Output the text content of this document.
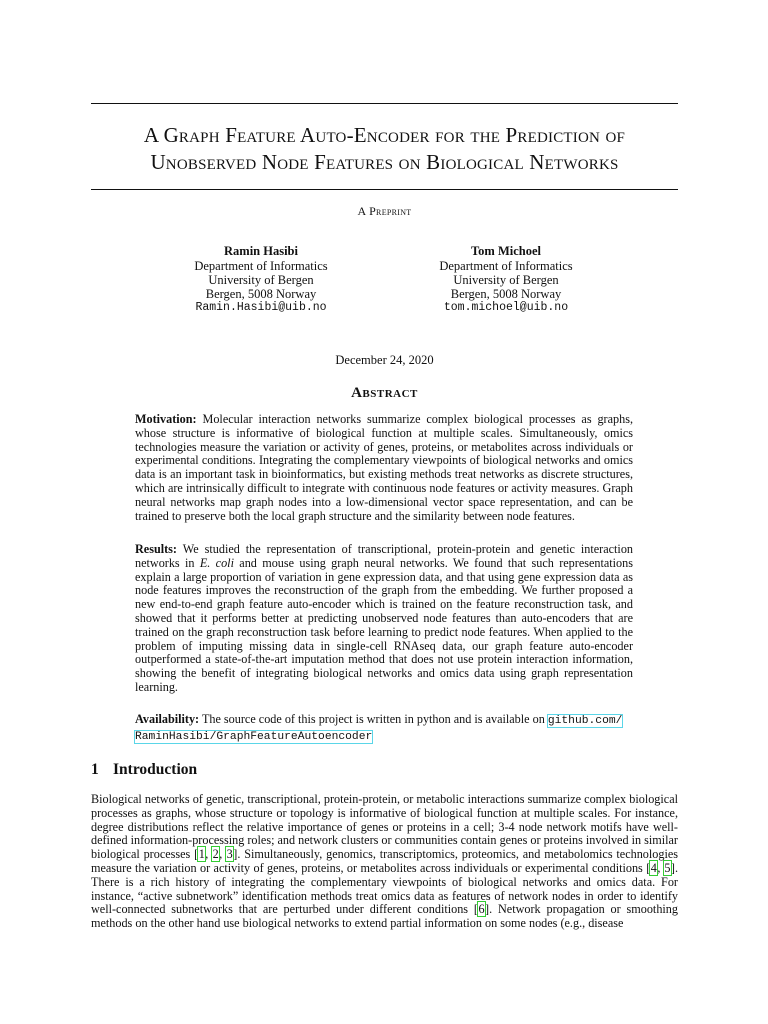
A Graph Feature Auto-Encoder for the Prediction of
Unobserved Node Features on Biological Networks
A Preprint
Ramin Hasibi
Department of Informatics
University of Bergen
Bergen, 5008 Norway
Ramin.Hasibi@uib.no
Tom Michoel
Department of Informatics
University of Bergen
Bergen, 5008 Norway
tom.michoel@uib.no
December 24, 2020
Abstract
Motivation: Molecular interaction networks summarize complex biological processes as graphs, whose structure is informative of biological function at multiple scales. Simultaneously, omics technologies measure the variation or activity of genes, proteins, or metabolites across individuals or experimental conditions. Integrating the complementary viewpoints of biological networks and omics data is an important task in bioinformatics, but existing methods treat networks as discrete structures, which are intrinsically difficult to integrate with continuous node features or activity measures. Graph neural networks map graph nodes into a low-dimensional vector space representation, and can be trained to preserve both the local graph structure and the similarity between node features.
Results: We studied the representation of transcriptional, protein-protein and genetic interaction networks in E. coli and mouse using graph neural networks. We found that such representations explain a large proportion of variation in gene expression data, and that using gene expression data as node features improves the reconstruction of the graph from the embedding. We further proposed a new end-to-end graph feature auto-encoder which is trained on the feature reconstruction task, and showed that it performs better at predicting unobserved node features than auto-encoders that are trained on the graph reconstruction task before learning to predict node features. When applied to the problem of imputing missing data in single-cell RNAseq data, our graph feature auto-encoder outperformed a state-of-the-art imputation method that does not use protein interaction information, showing the benefit of integrating biological networks and omics data using graph representation learning.
Availability: The source code of this project is written in python and is available on github.com/
RaminHasibi/GraphFeatureAutoencoder
1 Introduction
Biological networks of genetic, transcriptional, protein-protein, or metabolic interactions summarize complex biological processes as graphs, whose structure or topology is informative of biological function at multiple scales. For instance, degree distributions reflect the relative importance of genes or proteins in a cell; 3-4 node network motifs have well-defined information-processing roles; and network clusters or communities contain genes or proteins involved in similar biological processes [1, 2, 3]. Simultaneously, genomics, transcriptomics, proteomics, and metabolomics technologies measure the variation or activity of genes, proteins, or metabolites across individuals or experimental conditions [4, 5]. There is a rich history of integrating the complementary viewpoints of biological networks and omics data. For instance, “active subnetwork” identification methods treat omics data as features of network nodes in order to identify well-connected subnetworks that are perturbed under different conditions [6]. Network propagation or smoothing methods on the other hand use biological networks to extend partial information on some nodes (e.g., disease
